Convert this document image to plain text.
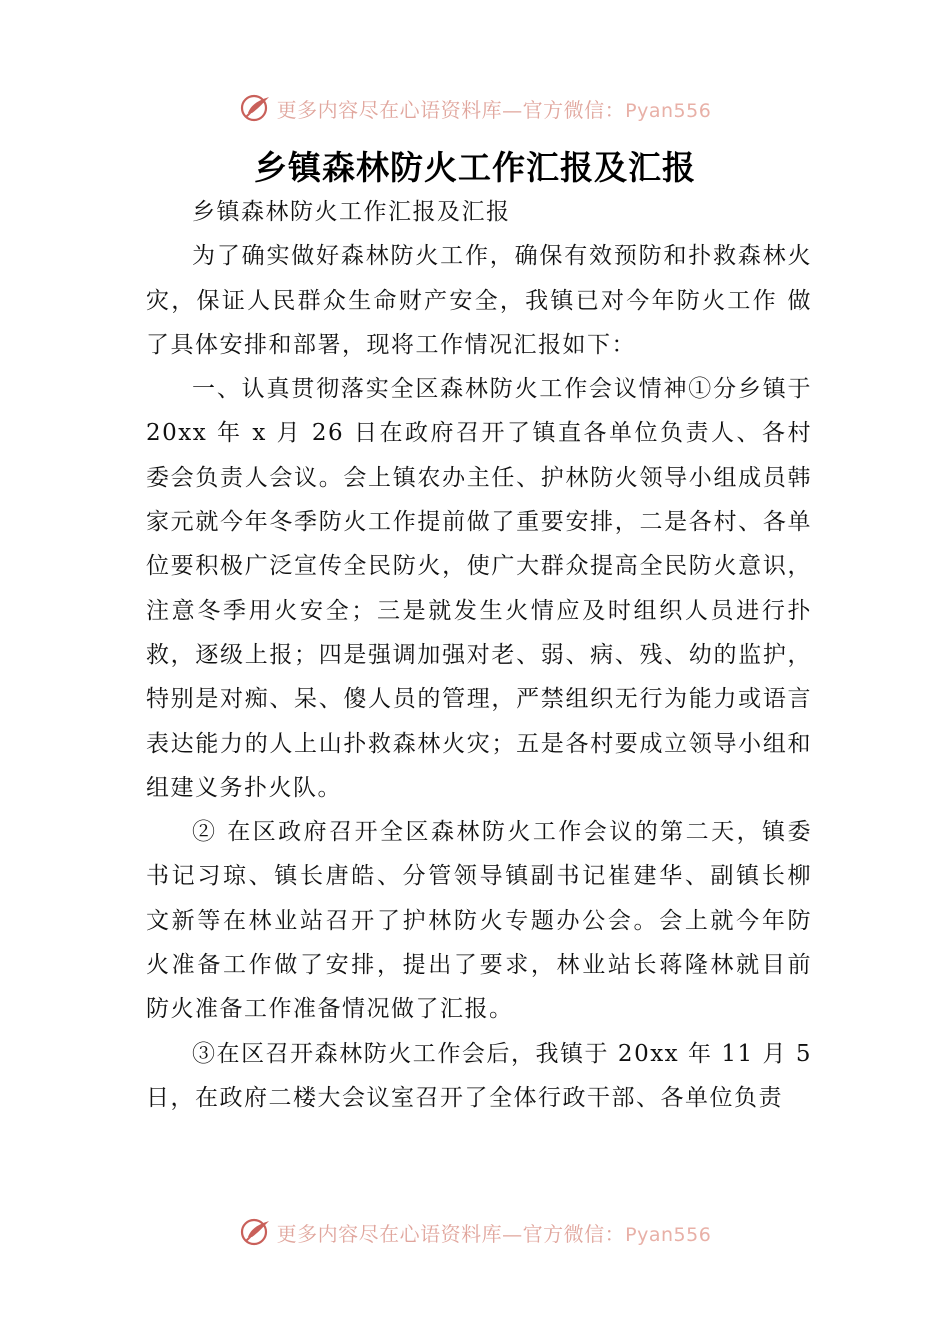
更多内容尽在心语资料库—官方微信：Pyan556
乡镇森林防火工作汇报及汇报

乡镇森林防火工作汇报及汇报

为了确实做好森林防火工作，确保有效预防和扑救森林火灾，保证人民群众生命财产安全，我镇已对今年防火工作 做了具体安排和部署，现将工作情况汇报如下：

一、认真贯彻落实全区森林防火工作会议情神①分乡镇于 20xx 年 x 月 26 日在政府召开了镇直各单位负责人、各村委会负责人会议。会上镇农办主任、护林防火领导小组成员韩家元就今年冬季防火工作提前做了重要安排，二是各村、各单位要积极广泛宣传全民防火，使广大群众提高全民防火意识，注意冬季用火安全；三是就发生火情应及时组织人员进行扑救，逐级上报；四是强调加强对老、弱、病、残、幼的监护，特别是对痴、呆、傻人员的管理，严禁组织无行为能力或语言表达能力的人上山扑救森林火灾；五是各村要成立领导小组和组建义务扑火队。

② 在区政府召开全区森林防火工作会议的第二天，镇委书记习琼、镇长唐皓、分管领导镇副书记崔建华、副镇长柳 文新等在林业站召开了护林防火专题办公会。会上就今年防 火准备工作做了安排，提出了要求，林业站长蒋隆林就目前 防火准备工作准备情况做了汇报。

③在区召开森林防火工作会后，我镇于 20xx 年 11 月 5 日，在政府二楼大会议室召开了全体行政干部、各单位负责

更多内容尽在心语资料库—官方微信：Pyan556
